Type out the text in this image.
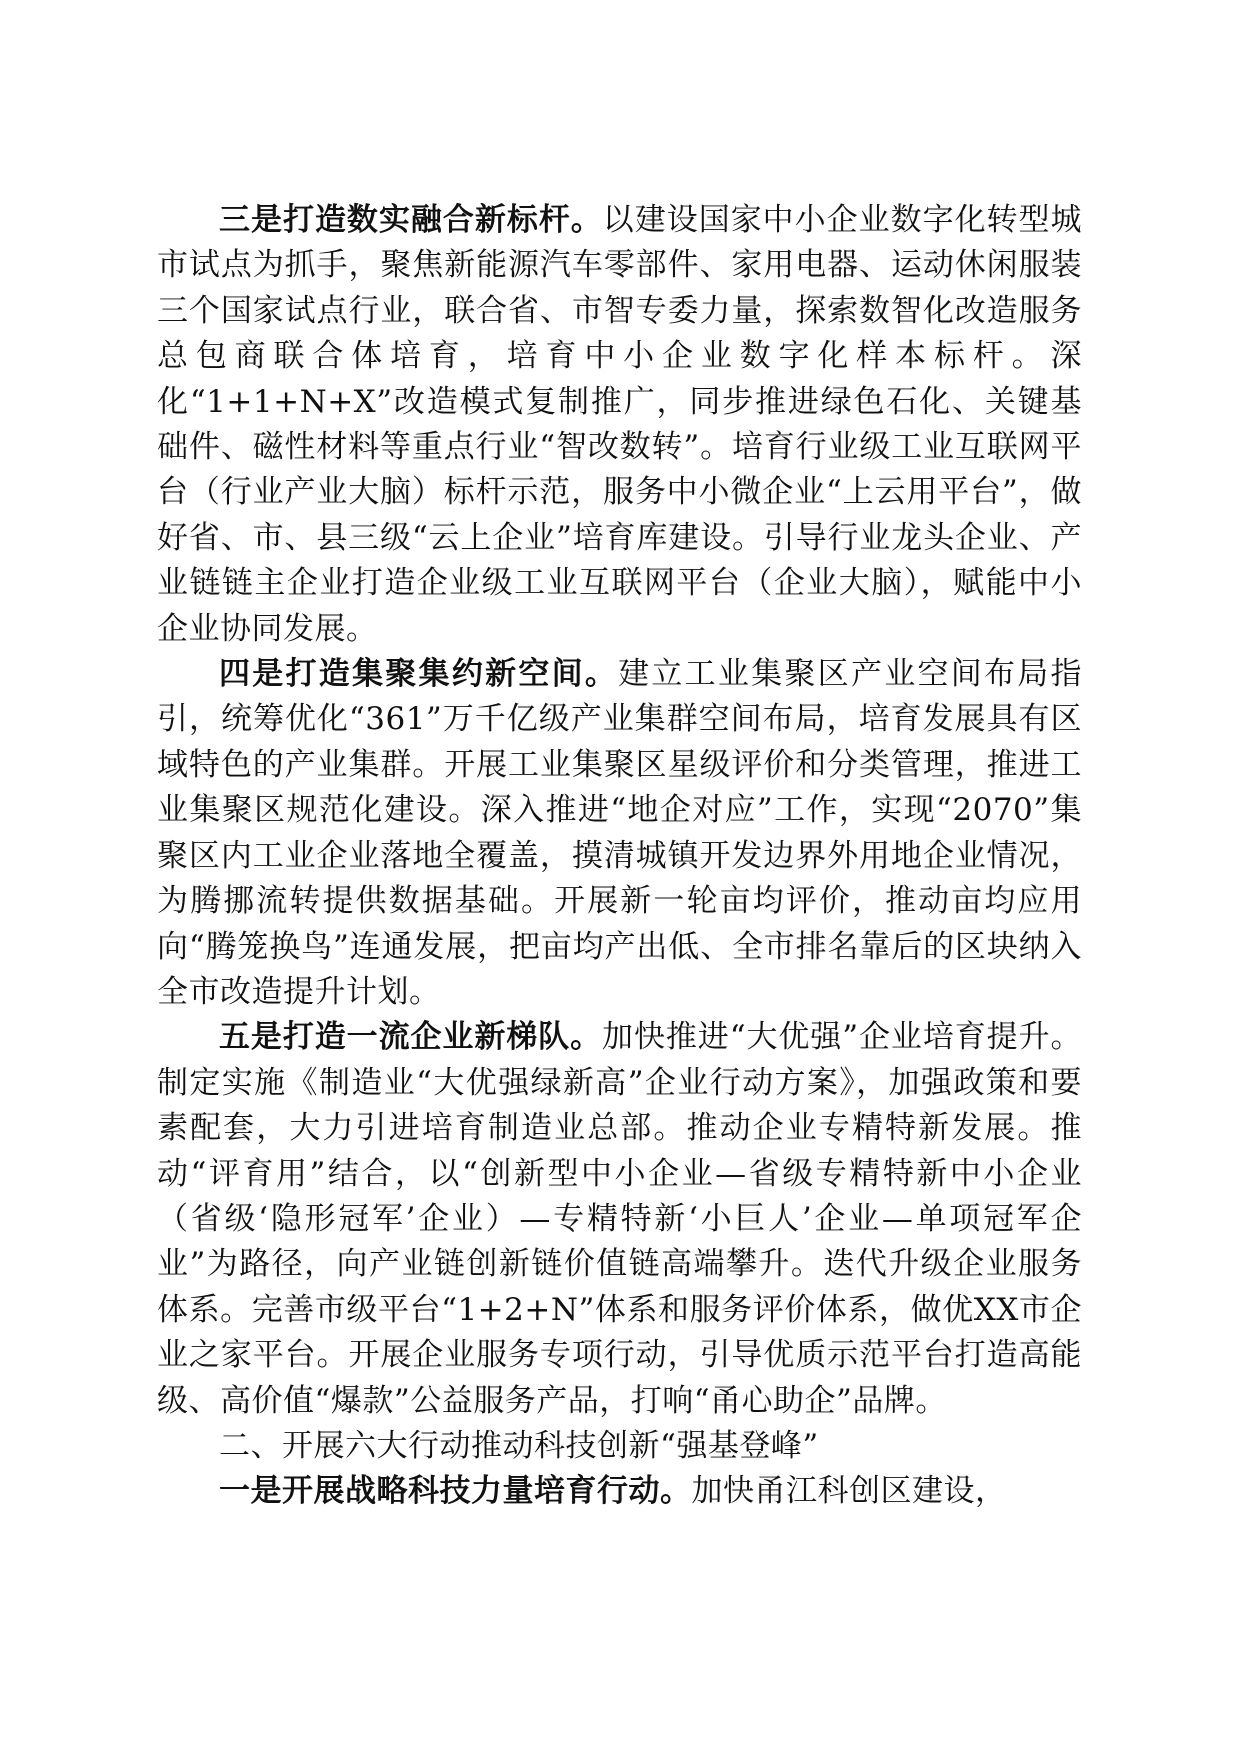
三是打造数实融合新标杆。以建设国家中小企业数字化转型城市试点为抓手，聚焦新能源汽车零部件、家用电器、运动休闲服装三个国家试点行业，联合省、市智专委力量，探索数智化改造服务总包商联合体培育，培育中小企业数字化样本标杆。深化“1+1+N+X”改造模式复制推广，同步推进绿色石化、关键基础件、磁性材料等重点行业“智改数转”。培育行业级工业互联网平台（行业产业大脑）标杆示范，服务中小微企业“上云用平台”，做好省、市、县三级“云上企业”培育库建设。引导行业龙头企业、产业链链主企业打造企业级工业互联网平台（企业大脑），赋能中小企业协同发展。

四是打造集聚集约新空间。建立工业集聚区产业空间布局指引，统筹优化“361”万千亿级产业集群空间布局，培育发展具有区域特色的产业集群。开展工业集聚区星级评价和分类管理，推进工业集聚区规范化建设。深入推进“地企对应”工作，实现“2070”集聚区内工业企业落地全覆盖，摸清城镇开发边界外用地企业情况，为腾挪流转提供数据基础。开展新一轮亩均评价，推动亩均应用向“腾笼换鸟”连通发展，把亩均产出低、全市排名靠后的区块纳入全市改造提升计划。

五是打造一流企业新梯队。加快推进“大优强”企业培育提升。制定实施《制造业“大优强绿新高”企业行动方案》，加强政策和要素配套，大力引进培育制造业总部。推动企业专精特新发展。推动“评育用”结合，以“创新型中小企业—省级专精特新中小企业（省级‘隐形冠军’企业）—专精特新‘小巨人’企业—单项冠军企业”为路径，向产业链创新链价值链高端攀升。迭代升级企业服务体系。完善市级平台“1+2+N”体系和服务评价体系，做优XX市企业之家平台。开展企业服务专项行动，引导优质示范平台打造高能级、高价值“爆款”公益服务产品，打响“甬心助企”品牌。

二、开展六大行动推动科技创新“强基登峰”

一是开展战略科技力量培育行动。加快甬江科创区建设，
